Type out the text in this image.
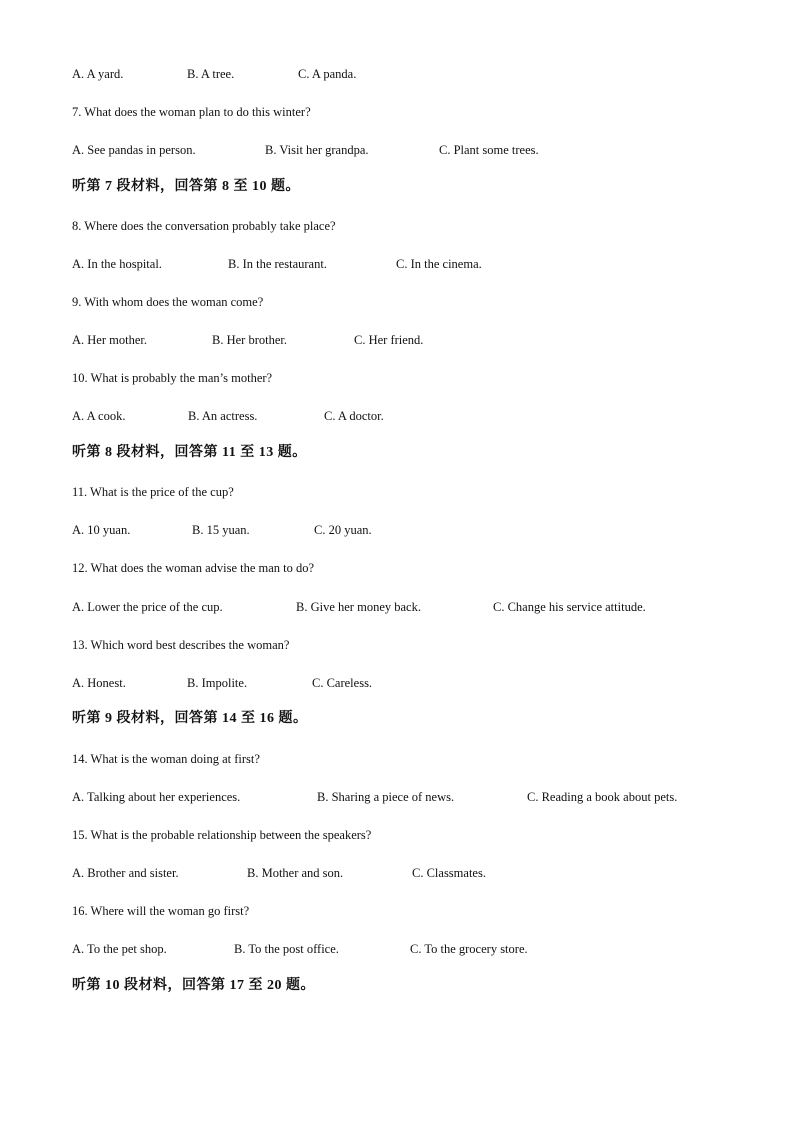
A. A yard.	B. A tree.	C. A panda.
7. What does the woman plan to do this winter?
A. See pandas in person.	B. Visit her grandpa.	C. Plant some trees.
听第 7 段材料，回答第 8 至 10 题。
8. Where does the conversation probably take place?
A. In the hospital.	B. In the restaurant.	C. In the cinema.
9. With whom does the woman come?
A. Her mother.	B. Her brother.	C. Her friend.
10. What is probably the man’s mother?
A. A cook.	B. An actress.	C. A doctor.
听第 8 段材料，回答第 11 至 13 题。
11. What is the price of the cup?
A. 10 yuan.	B. 15 yuan.	C. 20 yuan.
12. What does the woman advise the man to do?
A. Lower the price of the cup.	B. Give her money back.	C. Change his service attitude.
13. Which word best describes the woman?
A. Honest.	B. Impolite.	C. Careless.
听第 9 段材料，回答第 14 至 16 题。
14. What is the woman doing at first?
A. Talking about her experiences.	B. Sharing a piece of news.	C. Reading a book about pets.
15. What is the probable relationship between the speakers?
A. Brother and sister.	B. Mother and son.	C. Classmates.
16. Where will the woman go first?
A. To the pet shop.	B. To the post office.	C. To the grocery store.
听第 10 段材料，回答第 17 至 20 题。
